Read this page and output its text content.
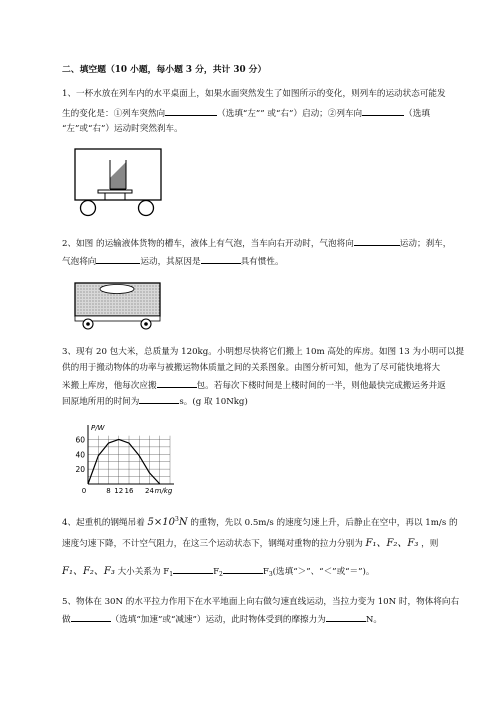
二、填空题（10 小题，每小题 3 分，共计 30 分）
1、一杯水放在列车内的水平桌面上，如果水面突然发生了如图所示的变化，则列车的运动状态可能发
生的变化是：①列车突然向	（选填“左”” 或“右”）启动；②列车向	（选填
“左”或“右”）运动时突然刹车。
2、如图 的运输液体货物的槽车，液体上有气泡，当车向右开动时，气泡将向	运动；刹车，
气泡将向	运动，其原因是	具有惯性。
3、现有 20 包大米，总质量为 120kg。小明想尽快将它们搬上 10m 高处的库房。如图 13 为小明可以提
供的用于搬动物体的功率与被搬运物体质量之间的关系图象。由图分析可知，他为了尽可能快地将大
米搬上库房，他每次应搬	包。若每次下楼时间是上楼时间的一半，则他最快完成搬运务并返
回原地所用的时间为	s。(g 取 10Nkg)
20
40
60
0	8 12 16 24
P/W
m/kg
4、起重机的钢绳吊着 $5\times 10^3N$ 的重物，先以 0.5m/s 的速度匀速上升，后静止在空中，再以 1m/s 的
速度匀速下降，不计空气阻力，在这三个运动状态下，钢绳对重物的拉力分别为 F₁、F₂、F₃ ，则
F₁、F₂、F₃ 大小关系为 $F_1$	$F_2$	$F_3$(选填“＞”、“＜”或“＝”)。
5、物体在 30N 的水平拉力作用下在水平地面上向右做匀速直线运动，当拉力变为 10N 时，物体将向右
做	（选填“加速”或“减速”）运动，此时物体受到的摩擦力为	N。
